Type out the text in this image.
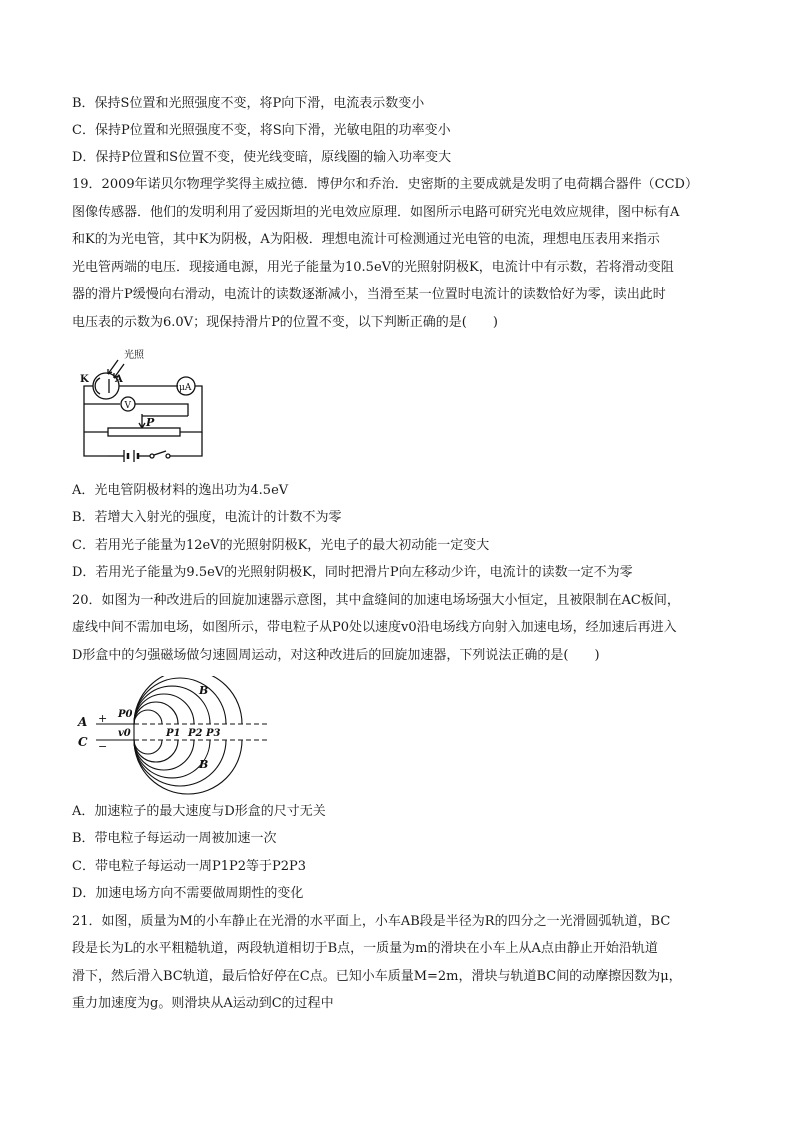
B．保持S位置和光照强度不变，将P向下滑，电流表示数变小
C．保持P位置和光照强度不变，将S向下滑，光敏电阻的功率变小
D．保持P位置和S位置不变，使光线变暗，原线圈的输入功率变大
19．2009年诺贝尔物理学奖得主威拉德．博伊尔和乔治．史密斯的主要成就是发明了电荷耦合器件（CCD）
图像传感器．他们的发明利用了爱因斯坦的光电效应原理．如图所示电路可研究光电效应规律，图中标有A
和K的为光电管，其中K为阴极，A为阳极．理想电流计可检测通过光电管的电流，理想电压表用来指示
光电管两端的电压．现接通电源，用光子能量为10.5eV的光照射阴极K，电流计中有示数，若将滑动变阻
器的滑片P缓慢向右滑动，电流计的读数逐渐减小，当滑至某一位置时电流计的读数恰好为零，读出此时
电压表的示数为6.0V；现保持滑片P的位置不变，以下判断正确的是(　　)
光照
K	A
V
μA
P
A．光电管阴极材料的逸出功为4.5eV
B．若增大入射光的强度，电流计的计数不为零
C．若用光子能量为12eV的光照射阴极K，光电子的最大初动能一定变大
D．若用光子能量为9.5eV的光照射阴极K，同时把滑片P向左移动少许，电流计的读数一定不为零
20．如图为一种改进后的回旋加速器示意图，其中盒缝间的加速电场场强大小恒定，且被限制在AC板间，
虚线中间不需加电场，如图所示，带电粒子从P0处以速度v0沿电场线方向射入加速电场，经加速后再进入
D形盒中的匀强磁场做匀速圆周运动，对这种改进后的回旋加速器，下列说法正确的是(　　)
A
C
+
−
P0
v0	P1 P2 P3
B
B
A．加速粒子的最大速度与D形盒的尺寸无关
B．带电粒子每运动一周被加速一次
C．带电粒子每运动一周P1P2等于P2P3
D．加速电场方向不需要做周期性的变化
21．如图，质量为M的小车静止在光滑的水平面上，小车AB段是半径为R的四分之一光滑圆弧轨道，BC
段是长为L的水平粗糙轨道，两段轨道相切于B点，一质量为m的滑块在小车上从A点由静止开始沿轨道
滑下，然后滑入BC轨道，最后恰好停在C点。已知小车质量M=2m，滑块与轨道BC间的动摩擦因数为μ，
重力加速度为g。则滑块从A运动到C的过程中
